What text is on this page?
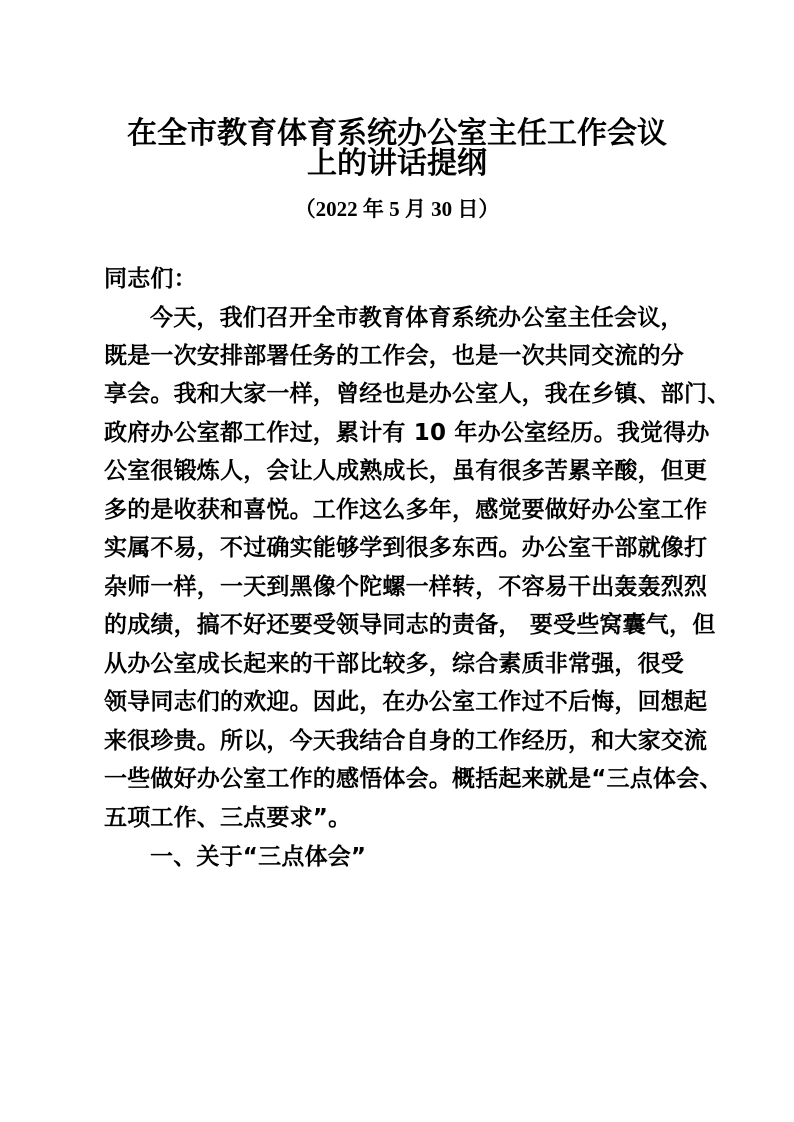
在全市教育体育系统办公室主任工作会议
上的讲话提纲
（2022 年 5 月 30 日）
同志们：
今天，我们召开全市教育体育系统办公室主任会议，
既是一次安排部署任务的工作会，也是一次共同交流的分
享会。我和大家一样，曾经也是办公室人，我在乡镇、部门、
政府办公室都工作过，累计有 10 年办公室经历。我觉得办
公室很锻炼人，会让人成熟成长，虽有很多苦累辛酸，但更
多的是收获和喜悦。工作这么多年，感觉要做好办公室工作
实属不易，不过确实能够学到很多东西。办公室干部就像打
杂师一样，一天到黑像个陀螺一样转，不容易干出轰轰烈烈
的成绩，搞不好还要受领导同志的责备， 要受些窝囊气，但
从办公室成长起来的干部比较多，综合素质非常强，很受
领导同志们的欢迎。因此，在办公室工作过不后悔，回想起
来很珍贵。所以，今天我结合自身的工作经历，和大家交流
一些做好办公室工作的感悟体会。概括起来就是“三点体会、
五项工作、三点要求”。
一、关于“三点体会”
